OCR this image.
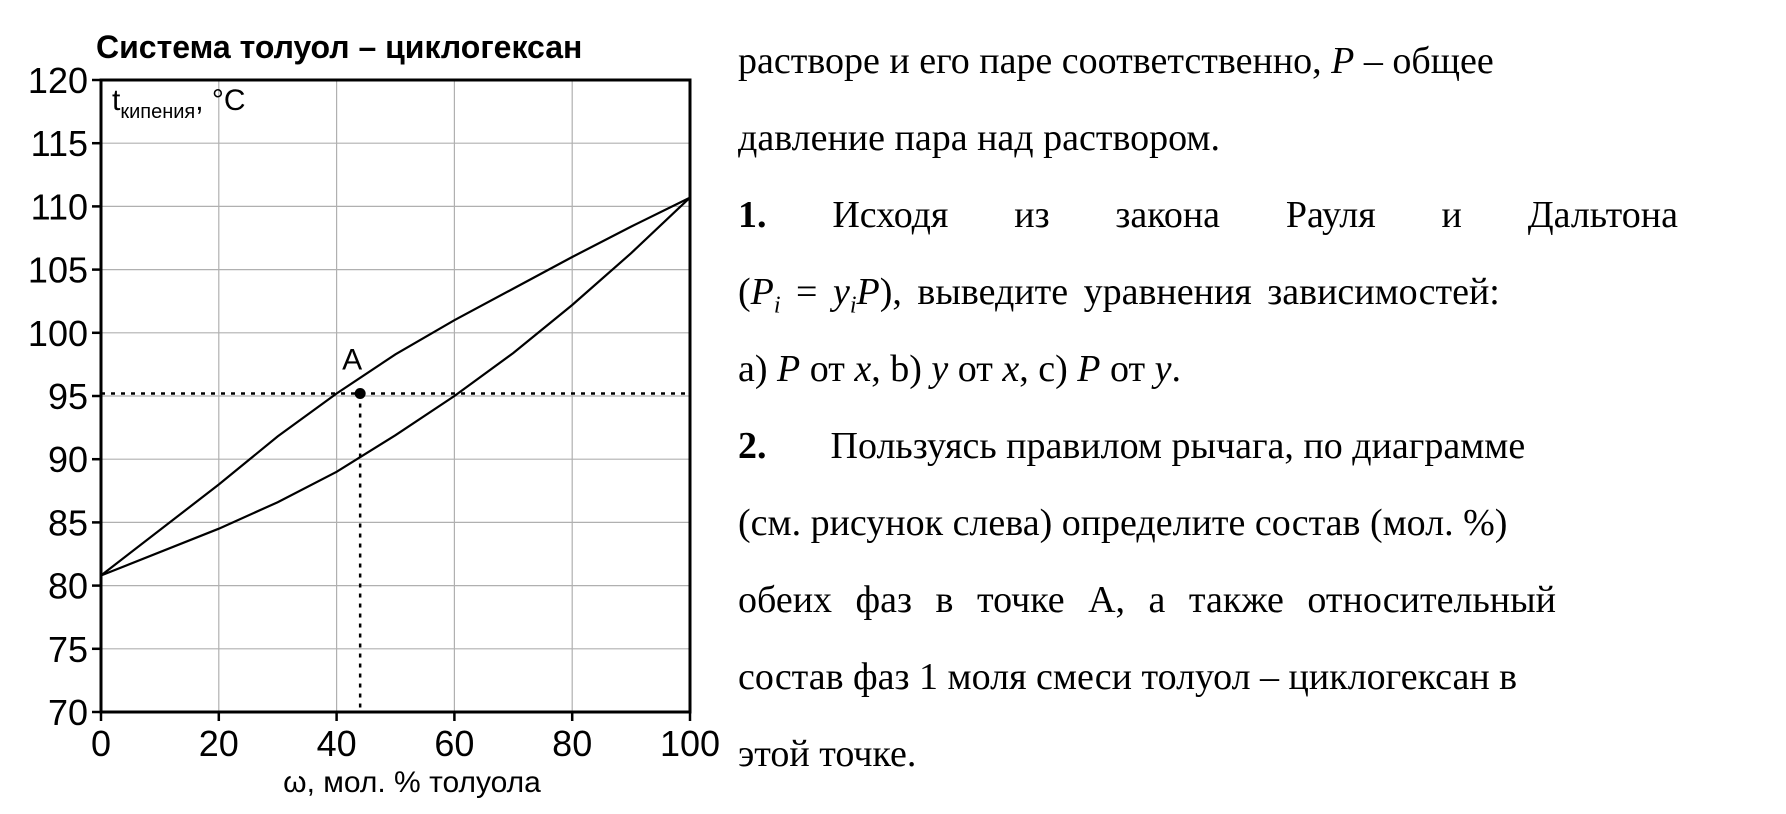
120
115
110
105
100
95
90
85
80
75
70
0 20 40 60 80 100
Система толуол – циклогексан
$t_{кипения}$, °C
ω, мол. % толуола
A
растворе и его паре соответственно, P – общее
давление пара над раствором.
1. Исходя из закона Рауля и Дальтона
$(P_i = y_iP)$, выведите уравнения зависимостей:
a) P от x, b) y от x, c) P от y.
2. Пользуясь правилом рычага, по диаграмме
(см. рисунок слева) определите состав (мол. %)
обеих фаз в точке А, а также относительный
состав фаз 1 моля смеси толуол – циклогексан в
этой точке.
